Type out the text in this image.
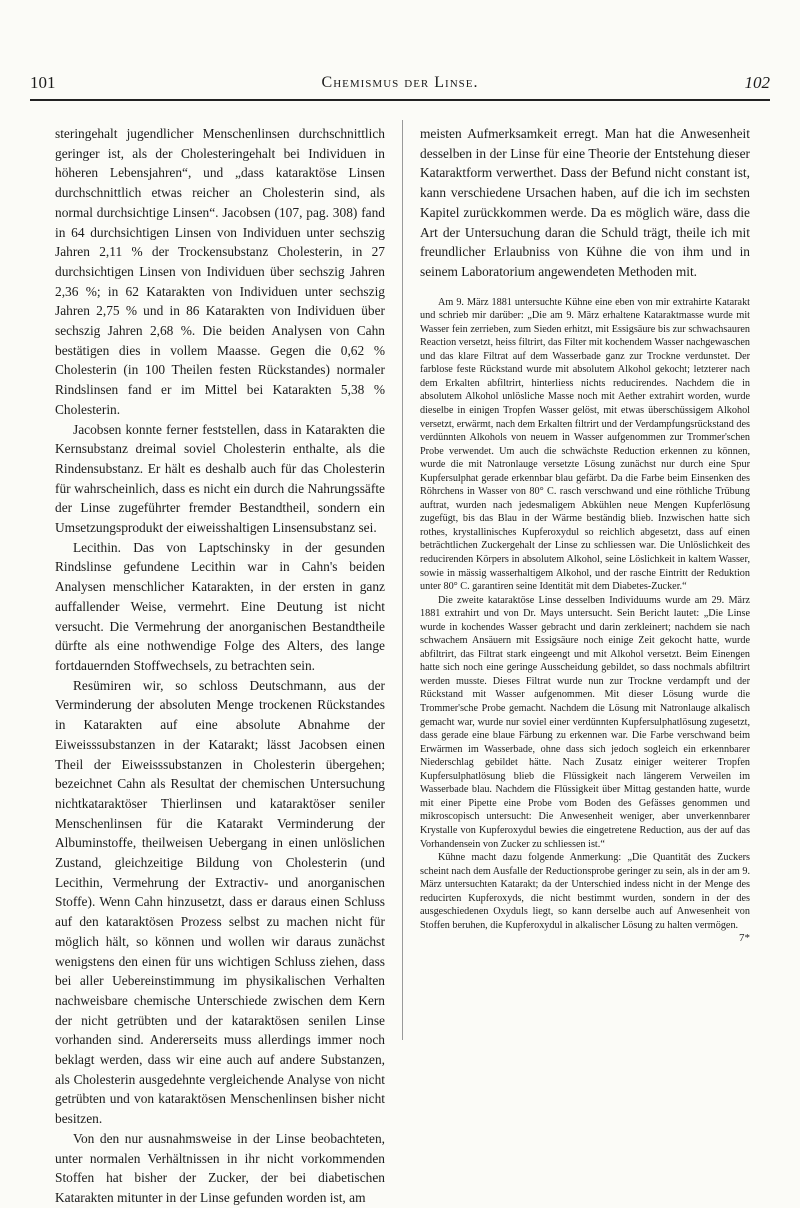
101	Chemismus der Linse.	102

steringehalt jugendlicher Menschenlinsen durchschnittlich geringer ist, als der Cholesteringehalt bei Individuen in höheren Lebensjahren“, und „dass kataraktöse Linsen durchschnittlich etwas reicher an Cholesterin sind, als normal durchsichtige Linsen“. Jacobsen (107, pag. 308) fand in 64 durchsichtigen Linsen von Individuen unter sechszig Jahren 2,11 % der Trockensubstanz Cholesterin, in 27 durchsichtigen Linsen von Individuen über sechszig Jahren 2,36 %; in 62 Katarakten von Individuen unter sechszig Jahren 2,75 % und in 86 Katarakten von Individuen über sechszig Jahren 2,68 %. Die beiden Analysen von Cahn bestätigen dies in vollem Maasse. Gegen die 0,62 % Cholesterin (in 100 Theilen festen Rückstandes) normaler Rindslinsen fand er im Mittel bei Katarakten 5,38 % Cholesterin.

Jacobsen konnte ferner feststellen, dass in Katarakten die Kernsubstanz dreimal soviel Cholesterin enthalte, als die Rindensubstanz. Er hält es deshalb auch für das Cholesterin für wahrscheinlich, dass es nicht ein durch die Nahrungssäfte der Linse zugeführter fremder Bestandtheil, sondern ein Umsetzungsprodukt der eiweisshaltigen Linsensubstanz sei.

Lecithin. Das von Laptschinsky in der gesunden Rindslinse gefundene Lecithin war in Cahn's beiden Analysen menschlicher Katarakten, in der ersten in ganz auffallender Weise, vermehrt. Eine Deutung ist nicht versucht. Die Vermehrung der anorganischen Bestandtheile dürfte als eine nothwendige Folge des Alters, des lange fortdauernden Stoffwechsels, zu betrachten sein.

Resümiren wir, so schloss Deutschmann, aus der Verminderung der absoluten Menge trockenen Rückstandes in Katarakten auf eine absolute Abnahme der Eiweisssubstanzen in der Katarakt; lässt Jacobsen einen Theil der Eiweisssubstanzen in Cholesterin übergehen; bezeichnet Cahn als Resultat der chemischen Untersuchung nichtkataraktöser Thierlinsen und kataraktöser seniler Menschenlinsen für die Katarakt Verminderung der Albuminstoffe, theilweisen Uebergang in einen unlöslichen Zustand, gleichzeitige Bildung von Cholesterin (und Lecithin, Vermehrung der Extractiv- und anorganischen Stoffe). Wenn Cahn hinzusetzt, dass er daraus einen Schluss auf den kataraktösen Prozess selbst zu machen nicht für möglich hält, so können und wollen wir daraus zunächst wenigstens den einen für uns wichtigen Schluss ziehen, dass bei aller Uebereinstimmung im physikalischen Verhalten nachweisbare chemische Unterschiede zwischen dem Kern der nicht getrübten und der kataraktösen senilen Linse vorhanden sind. Andererseits muss allerdings immer noch beklagt werden, dass wir eine auch auf andere Substanzen, als Cholesterin ausgedehnte vergleichende Analyse von nicht getrübten und von kataraktösen Menschenlinsen bisher nicht besitzen.

Von den nur ausnahmsweise in der Linse beobachteten, unter normalen Verhältnissen in ihr nicht vorkommenden Stoffen hat bisher der Zucker, der bei diabetischen Katarakten mitunter in der Linse gefunden worden ist, am

meisten Aufmerksamkeit erregt. Man hat die Anwesenheit desselben in der Linse für eine Theorie der Entstehung dieser Kataraktform verwerthet. Dass der Befund nicht constant ist, kann verschiedene Ursachen haben, auf die ich im sechsten Kapitel zurückkommen werde. Da es möglich wäre, dass die Art der Untersuchung daran die Schuld trägt, theile ich mit freundlicher Erlaubniss von Kühne die von ihm und in seinem Laboratorium angewendeten Methoden mit.

Am 9. März 1881 untersuchte Kühne eine eben von mir extrahirte Katarakt und schrieb mir darüber: „Die am 9. März erhaltene Kataraktmasse wurde mit Wasser fein zerrieben, zum Sieden erhitzt, mit Essigsäure bis zur schwachsauren Reaction versetzt, heiss filtrirt, das Filter mit kochendem Wasser nachgewaschen und das klare Filtrat auf dem Wasserbade ganz zur Trockne verdunstet. Der farblose feste Rückstand wurde mit absolutem Alkohol gekocht; letzterer nach dem Erkalten abfiltrirt, hinterliess nichts reducirendes. Nachdem die in absolutem Alkohol unlösliche Masse noch mit Aether extrahirt worden, wurde dieselbe in einigen Tropfen Wasser gelöst, mit etwas überschüssigem Alkohol versetzt, erwärmt, nach dem Erkalten filtrirt und der Verdampfungsrückstand des verdünnten Alkohols von neuem in Wasser aufgenommen zur Trommer'schen Probe verwendet. Um auch die schwächste Reduction erkennen zu können, wurde die mit Natronlauge versetzte Lösung zunächst nur durch eine Spur Kupfersulphat gerade erkennbar blau gefärbt. Da die Farbe beim Einsenken des Röhrchens in Wasser von 80° C. rasch verschwand und eine röthliche Trübung auftrat, wurden nach jedesmaligem Abkühlen neue Mengen Kupferlösung zugefügt, bis das Blau in der Wärme beständig blieb. Inzwischen hatte sich rothes, krystallinisches Kupferoxydul so reichlich abgesetzt, dass auf einen beträchtlichen Zuckergehalt der Linse zu schliessen war. Die Unlöslichkeit des reducirenden Körpers in absolutem Alkohol, seine Löslichkeit in kaltem Wasser, sowie in mässig wasserhaltigem Alkohol, und der rasche Eintritt der Reduktion unter 80° C. garantiren seine Identität mit dem Diabetes-Zucker.“

Die zweite kataraktöse Linse desselben Individuums wurde am 29. März 1881 extrahirt und von Dr. Mays untersucht. Sein Bericht lautet: „Die Linse wurde in kochendes Wasser gebracht und darin zerkleinert; nachdem sie nach schwachem Ansäuern mit Essigsäure noch einige Zeit gekocht hatte, wurde abfiltrirt, das Filtrat stark eingeengt und mit Alkohol versetzt. Beim Einengen hatte sich noch eine geringe Ausscheidung gebildet, so dass nochmals abfiltrirt werden musste. Dieses Filtrat wurde nun zur Trockne verdampft und der Rückstand mit Wasser aufgenommen. Mit dieser Lösung wurde die Trommer'sche Probe gemacht. Nachdem die Lösung mit Natronlauge alkalisch gemacht war, wurde nur soviel einer verdünnten Kupfersulphatlösung zugesetzt, dass gerade eine blaue Färbung zu erkennen war. Die Farbe verschwand beim Erwärmen im Wasserbade, ohne dass sich jedoch sogleich ein erkennbarer Niederschlag gebildet hätte. Nach Zusatz einiger weiterer Tropfen Kupfersulphatlösung blieb die Flüssigkeit nach längerem Verweilen im Wasserbade blau. Nachdem die Flüssigkeit über Mittag gestanden hatte, wurde mit einer Pipette eine Probe vom Boden des Gefässes genommen und mikroscopisch untersucht: Die Anwesenheit weniger, aber unverkennbarer Krystalle von Kupferoxydul bewies die eingetretene Reduction, aus der auf das Vorhandensein von Zucker zu schliessen ist.“

Kühne macht dazu folgende Anmerkung: „Die Quantität des Zuckers scheint nach dem Ausfalle der Reductionsprobe geringer zu sein, als in der am 9. März untersuchten Katarakt; da der Unterschied indess nicht in der Menge des reducirten Kupferoxyds, die nicht bestimmt wurden, sondern in der des ausgeschiedenen Oxyduls liegt, so kann derselbe auch auf Anwesenheit von Stoffen beruhen, die Kupferoxydul in alkalischer Lösung zu halten vermögen.

7*
